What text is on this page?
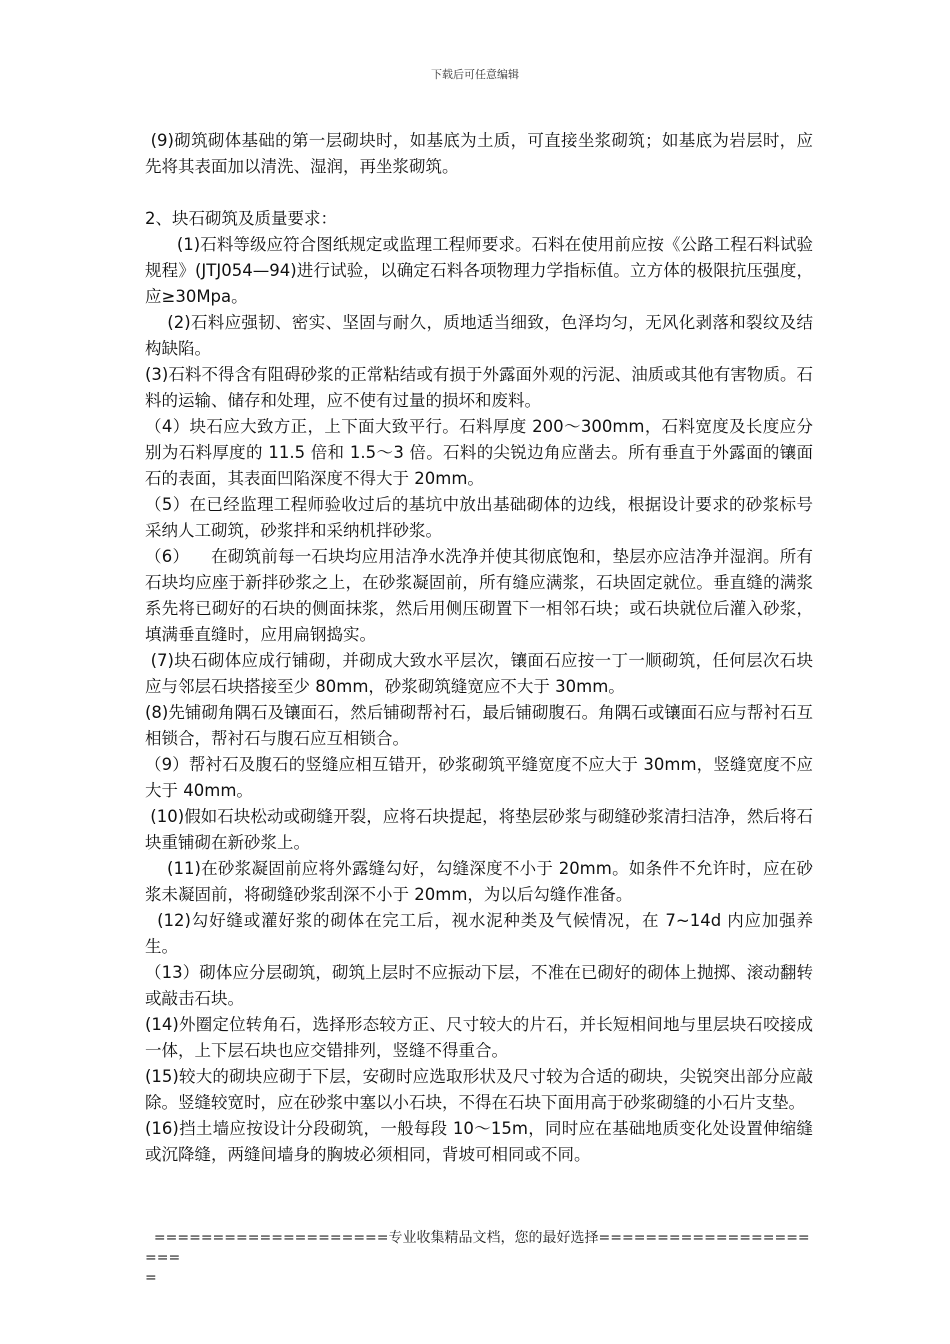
下载后可任意编辑

(9)砌筑砌体基础的第一层砌块时，如基底为土质，可直接坐浆砌筑；如基底为岩层时，应先将其表面加以清洗、湿润，再坐浆砌筑。

2、块石砌筑及质量要求：

(1)石料等级应符合图纸规定或监理工程师要求。石料在使用前应按《公路工程石料试验规程》(JTJ054—94)进行试验，以确定石料各项物理力学指标值。立方体的极限抗压强度，应≥30Mpa。

(2)石料应强韧、密实、坚固与耐久，质地适当细致，色泽均匀，无风化剥落和裂纹及结构缺陷。

(3)石料不得含有阻碍砂浆的正常粘结或有损于外露面外观的污泥、油质或其他有害物质。石料的运输、储存和处理，应不使有过量的损坏和废料。

（4）块石应大致方正，上下面大致平行。石料厚度 200～300mm，石料宽度及长度应分别为石料厚度的 11.5 倍和 1.5～3 倍。石料的尖锐边角应凿去。所有垂直于外露面的镶面石的表面，其表面凹陷深度不得大于 20mm。

（5）在已经监理工程师验收过后的基坑中放出基础砌体的边线，根据设计要求的砂浆标号采纳人工砌筑，砂浆拌和采纳机拌砂浆。

（6）    在砌筑前每一石块均应用洁净水洗净并使其彻底饱和，垫层亦应洁净并湿润。所有石块均应座于新拌砂浆之上，在砂浆凝固前，所有缝应满浆，石块固定就位。垂直缝的满浆系先将已砌好的石块的侧面抹浆，然后用侧压砌置下一相邻石块；或石块就位后灌入砂浆， 填满垂直缝时，应用扁钢捣实。

(7)块石砌体应成行铺砌，并砌成大致水平层次，镶面石应按一丁一顺砌筑，任何层次石块应与邻层石块搭接至少 80mm，砂浆砌筑缝宽应不大于 30mm。

(8)先铺砌角隅石及镶面石，然后铺砌帮衬石，最后铺砌腹石。角隅石或镶面石应与帮衬石互相锁合，帮衬石与腹石应互相锁合。

（9）帮衬石及腹石的竖缝应相互错开，砂浆砌筑平缝宽度不应大于 30mm，竖缝宽度不应大于 40mm。

(10)假如石块松动或砌缝开裂，应将石块提起，将垫层砂浆与砌缝砂浆清扫洁净，然后将石块重铺砌在新砂浆上。

(11)在砂浆凝固前应将外露缝勾好，勾缝深度不小于 20mm。如条件不允许时，应在砂浆未凝固前，将砌缝砂浆刮深不小于 20mm，为以后勾缝作准备。

(12)勾好缝或灌好浆的砌体在完工后，视水泥种类及气候情况，在 7~14d 内应加强养生。

（13）砌体应分层砌筑，砌筑上层时不应振动下层，不准在已砌好的砌体上抛掷、滚动翻转或敲击石块。

(14)外圈定位转角石，选择形态较方正、尺寸较大的片石，并长短相间地与里层块石咬接成一体，上下层石块也应交错排列，竖缝不得重合。

(15)较大的砌块应砌于下层，安砌时应选取形状及尺寸较为合适的砌块，尖锐突出部分应敲除。竖缝较宽时，应在砂浆中塞以小石块，不得在石块下面用高于砂浆砌缝的小石片支垫。

(16)挡土墙应按设计分段砌筑，一般每段 10～15m，同时应在基础地质变化处设置伸缩缝或沉降缝，两缝间墙身的胸坡必须相同，背坡可相同或不同。

====================专业收集精品文档，您的最好选择=====================
=
